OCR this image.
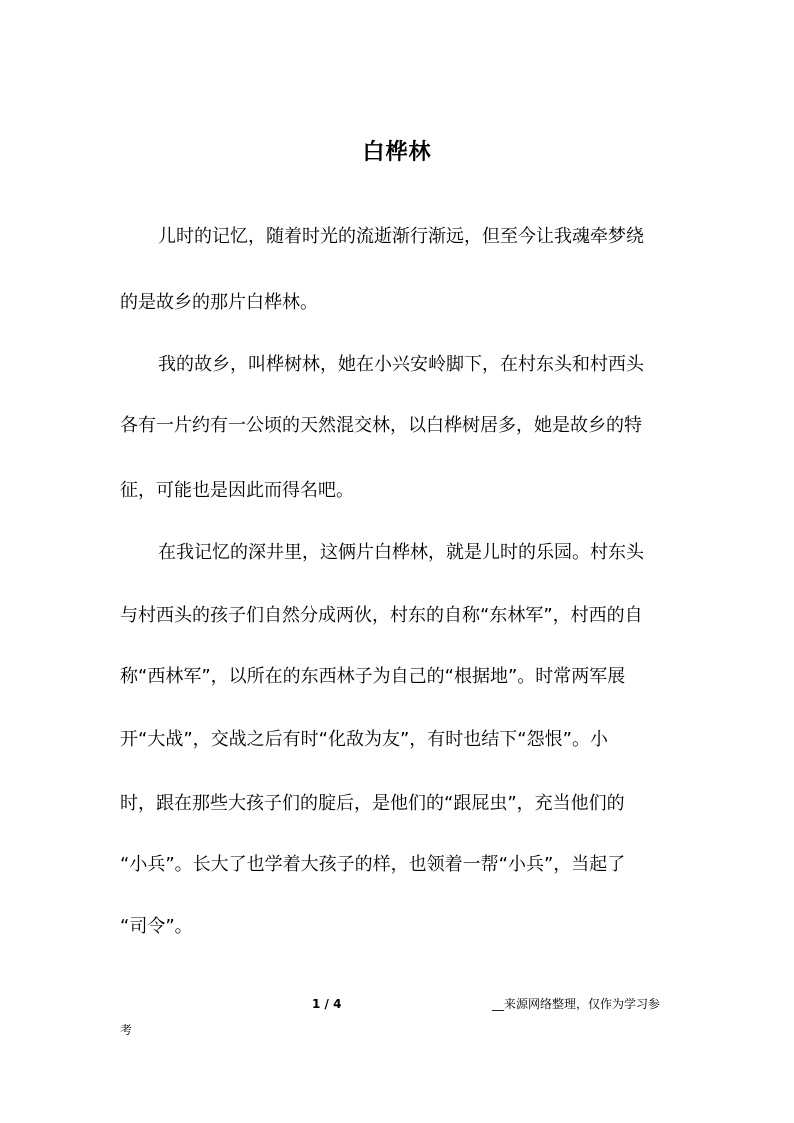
白桦林
儿时的记忆，随着时光的流逝渐行渐远，但至今让我魂牵梦绕
的是故乡的那片白桦林。
我的故乡，叫桦树林，她在小兴安岭脚下，在村东头和村西头
各有一片约有一公顷的天然混交林，以白桦树居多，她是故乡的特
征，可能也是因此而得名吧。
在我记忆的深井里，这俩片白桦林，就是儿时的乐园。村东头
与村西头的孩子们自然分成两伙，村东的自称“东林军”，村西的自
称“西林军”，以所在的东西林子为自己的“根据地”。时常两军展
开“大战”，交战之后有时“化敌为友”，有时也结下“怨恨”。小
时，跟在那些大孩子们的腚后，是他们的“跟屁虫”，充当他们的
“小兵”。长大了也学着大孩子的样，也领着一帮“小兵”，当起了
“司令”。
1 / 4	__来源网络整理，仅作为学习参
考
